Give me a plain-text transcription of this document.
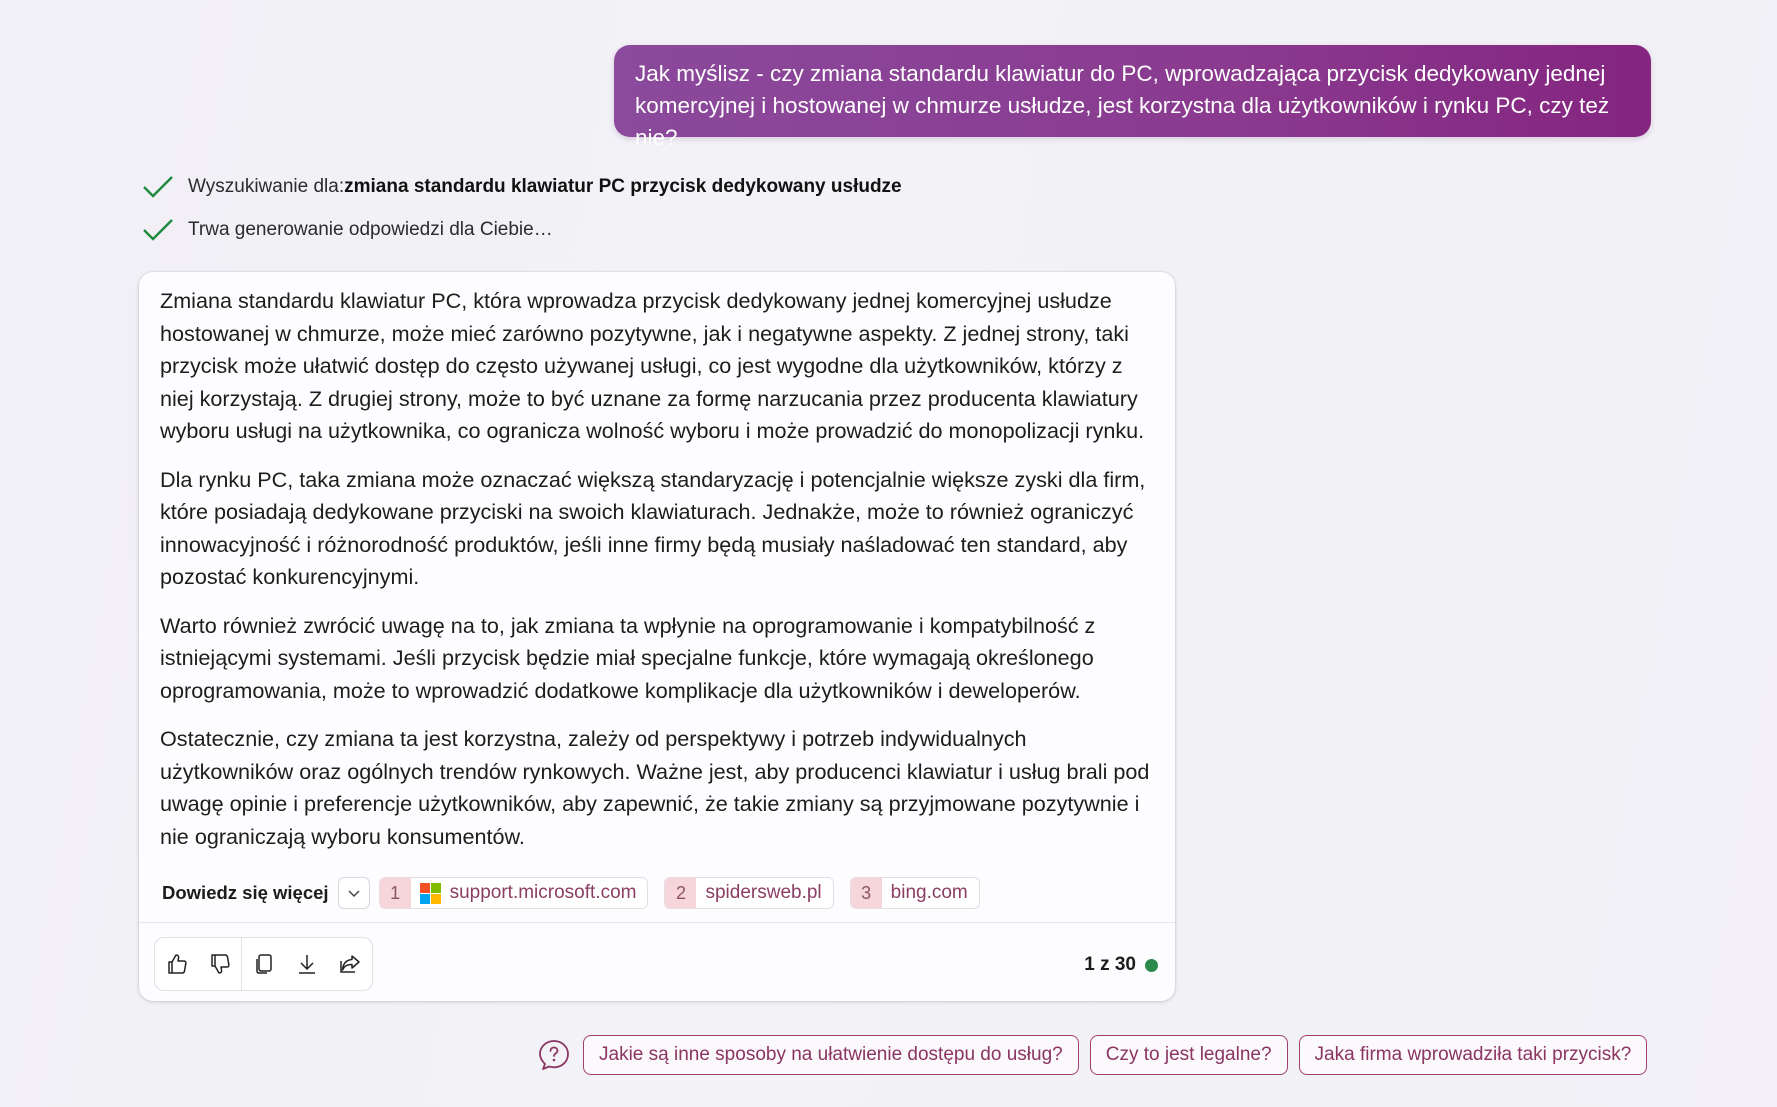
Jak myślisz - czy zmiana standardu klawiatur do PC, wprowadzająca przycisk dedykowany jednej komercyjnej i hostowanej w chmurze usłudze, jest korzystna dla użytkowników i rynku PC, czy też nie?
Wyszukiwanie dla: zmiana standardu klawiatur PC przycisk dedykowany usłudze
Trwa generowanie odpowiedzi dla Ciebie…

Zmiana standardu klawiatur PC, która wprowadza przycisk dedykowany jednej komercyjnej usłudze hostowanej w chmurze, może mieć zarówno pozytywne, jak i negatywne aspekty. Z jednej strony, taki przycisk może ułatwić dostęp do często używanej usługi, co jest wygodne dla użytkowników, którzy z niej korzystają. Z drugiej strony, może to być uznane za formę narzucania przez producenta klawiatury wyboru usługi na użytkownika, co ogranicza wolność wyboru i może prowadzić do monopolizacji rynku.

Dla rynku PC, taka zmiana może oznaczać większą standaryzację i potencjalnie większe zyski dla firm, które posiadają dedykowane przyciski na swoich klawiaturach. Jednakże, może to również ograniczyć innowacyjność i różnorodność produktów, jeśli inne firmy będą musiały naśladować ten standard, aby pozostać konkurencyjnymi.

Warto również zwrócić uwagę na to, jak zmiana ta wpłynie na oprogramowanie i kompatybilność z istniejącymi systemami. Jeśli przycisk będzie miał specjalne funkcje, które wymagają określonego oprogramowania, może to wprowadzić dodatkowe komplikacje dla użytkowników i deweloperów.

Ostatecznie, czy zmiana ta jest korzystna, zależy od perspektywy i potrzeb indywidualnych użytkowników oraz ogólnych trendów rynkowych. Ważne jest, aby producenci klawiatur i usług brali pod uwagę opinie i preferencje użytkowników, aby zapewnić, że takie zmiany są przyjmowane pozytywnie i nie ograniczają wyboru konsumentów.

Dowiedz się więcej	1	support.microsoft.com	2	spidersweb.pl	3	bing.com
1 z 30
Jakie są inne sposoby na ułatwienie dostępu do usług?	Czy to jest legalne?	Jaka firma wprowadziła taki przycisk?
